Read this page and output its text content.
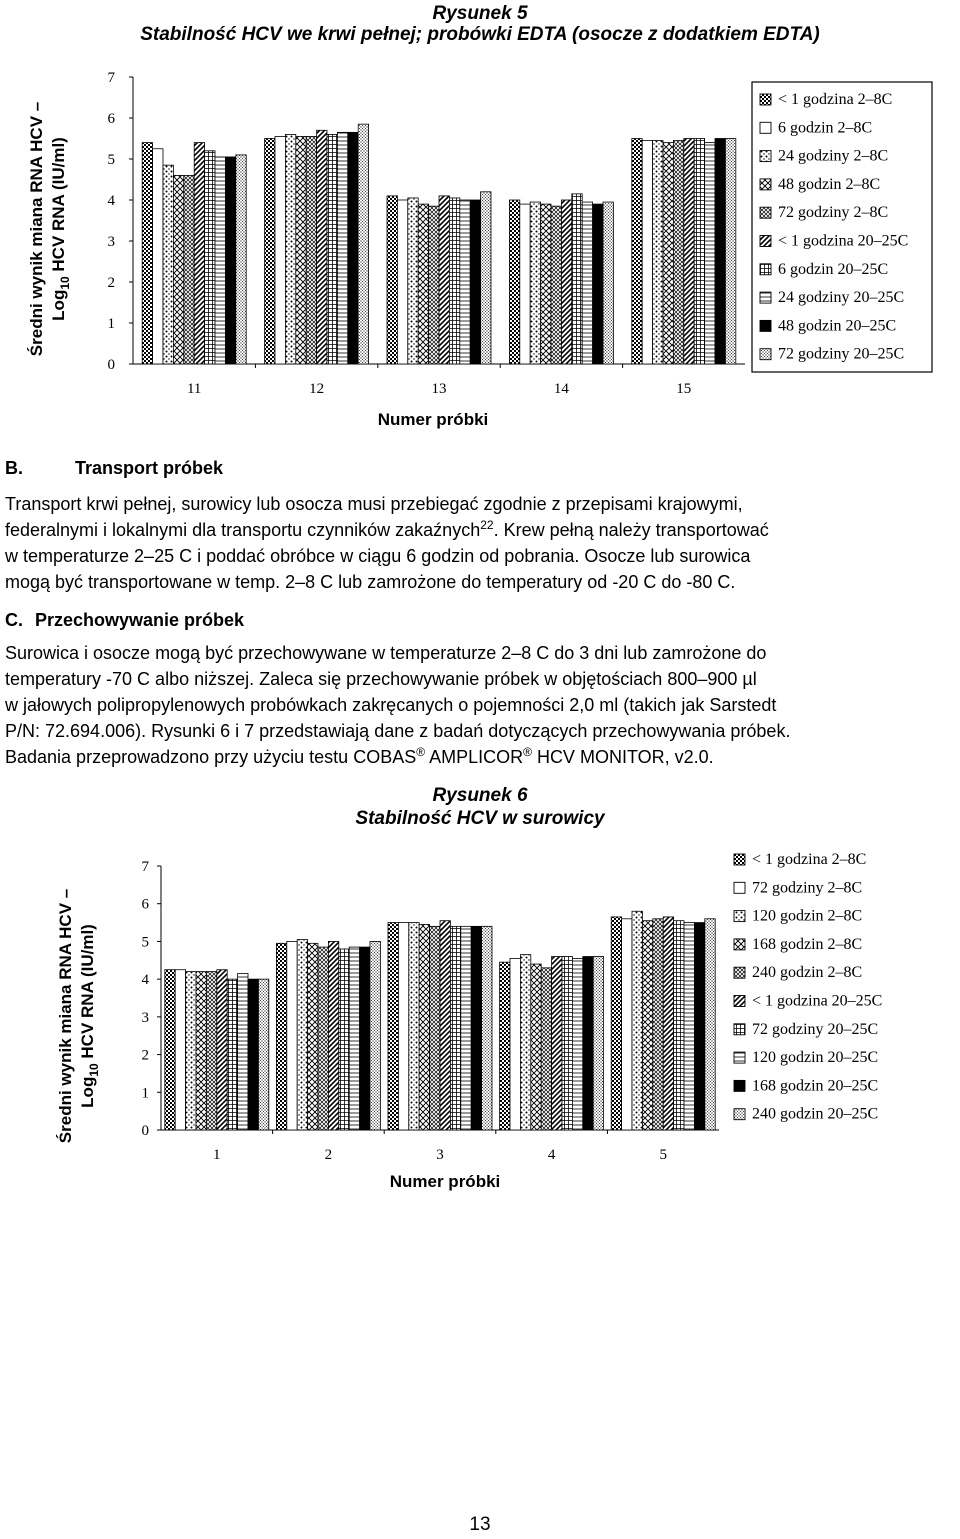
Rysunek 5
Stabilność HCV we krwi pełnej; probówki EDTA (osocze z dodatkiem EDTA)
0
1
2
3
4
5
6
7
11	12	13	14	15
Numer próbki
Średni wynik miana RNA HCV – Log$_{10}$ HCV RNA (IU/ml)
< 1 godzina 2–8C
6 godzin 2–8C
24 godziny 2–8C
48 godzin 2–8C
72 godziny 2–8C
< 1 godzina 20–25C
6 godzin 20–25C
24 godziny 20–25C
48 godzin 20–25C
72 godziny 20–25C
B.	Transport próbek
Transport krwi pełnej, surowicy lub osocza musi przebiegać zgodnie z przepisami krajowymi,
federalnymi i lokalnymi dla transportu czynników zakaźnych$^{22}$. Krew pełną należy transportować
w temperaturze 2–25 C i poddać obróbce w ciągu 6 godzin od pobrania. Osocze lub surowica
mogą być transportowane w temp. 2–8 C lub zamrożone do temperatury od -20 C do -80 C.
C. Przechowywanie próbek
Surowica i osocze mogą być przechowywane w temperaturze 2–8 C do 3 dni lub zamrożone do
temperatury -70 C albo niższej. Zaleca się przechowywanie próbek w objętościach 800–900 µl
w jałowych polipropylenowych probówkach zakręcanych o pojemności 2,0 ml (takich jak Sarstedt
P/N: 72.694.006). Rysunki 6 i 7 przedstawiają dane z badań dotyczących przechowywania próbek.
Badania przeprowadzono przy użyciu testu COBAS® AMPLICOR® HCV MONITOR, v2.0.
Rysunek 6
Stabilność HCV w surowicy
0
1
2
3
4
5
6
7
1	2	3	4	5
Numer próbki
Średni wynik miana RNA HCV – Log$_{10}$ HCV RNA (IU/ml)
< 1 godzina 2–8C
72 godziny 2–8C
120 godzin 2–8C
168 godzin 2–8C
240 godzin 2–8C
< 1 godzina 20–25C
72 godziny 20–25C
120 godzin 20–25C
168 godzin 20–25C
240 godzin 20–25C
13
